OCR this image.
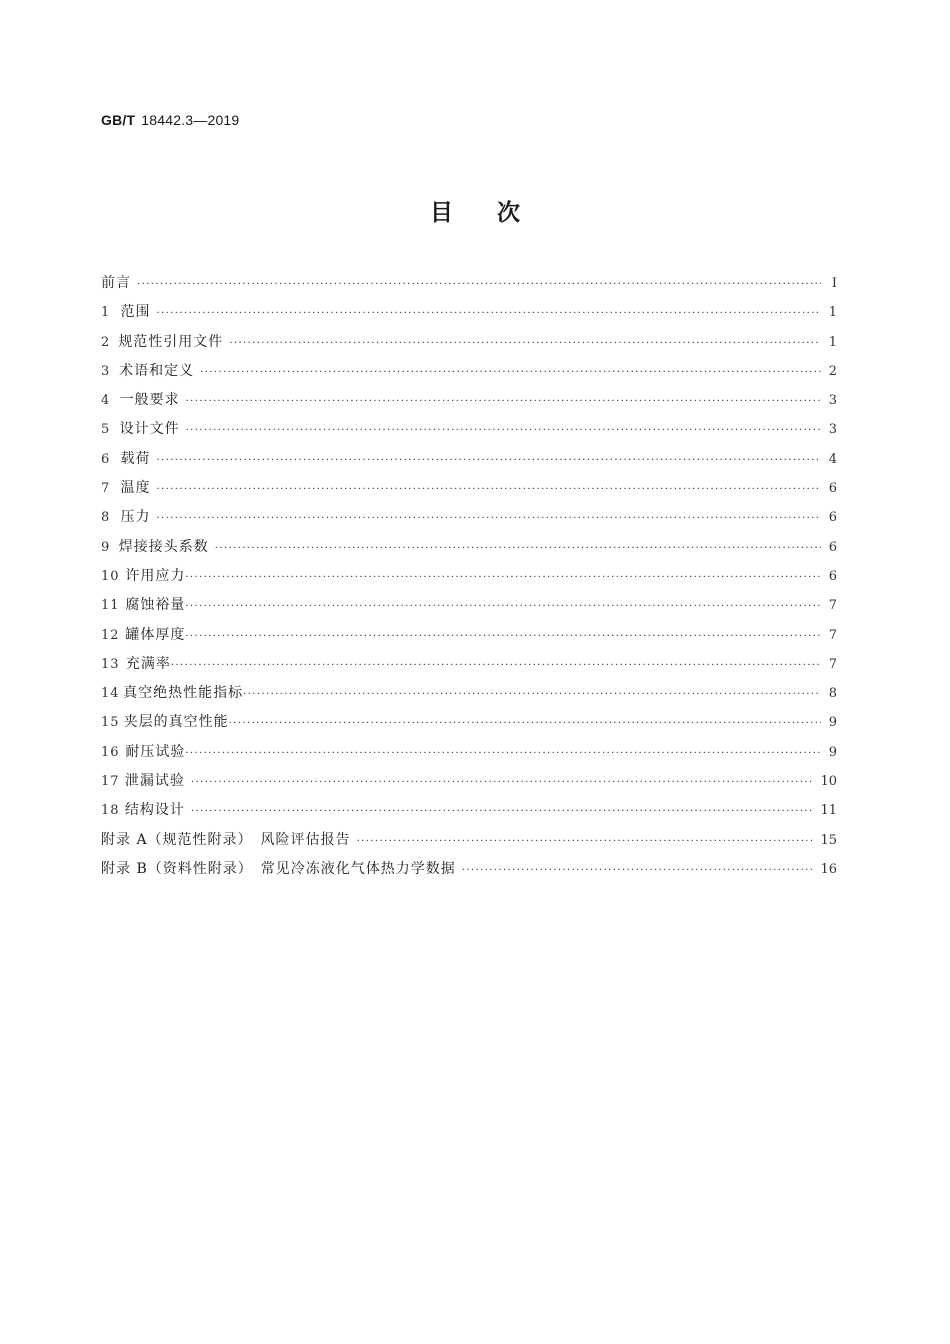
GB/T 18442.3—2019
目次
前言 ·····	Ⅰ
1 范围 ·····	1
2 规范性引用文件 ·····	1
3 术语和定义 ·····	2
4 一般要求 ·····	3
5 设计文件 ·····	3
6 载荷 ·····	4
7 温度 ·····	6
8 压力 ·····	6
9 焊接接头系数 ·····	6
10 许用应力 ·····	6
11 腐蚀裕量 ·····	7
12 罐体厚度 ·····	7
13 充满率 ·····	7
14 真空绝热性能指标 ·····	8
15 夹层的真空性能 ·····	9
16 耐压试验 ·····	9
17 泄漏试验 ·····	10
18 结构设计 ·····	11
附录 A（规范性附录）　风险评估报告 ·····	15
附录 B（资料性附录）　常见冷冻液化气体热力学数据 ·····	16
